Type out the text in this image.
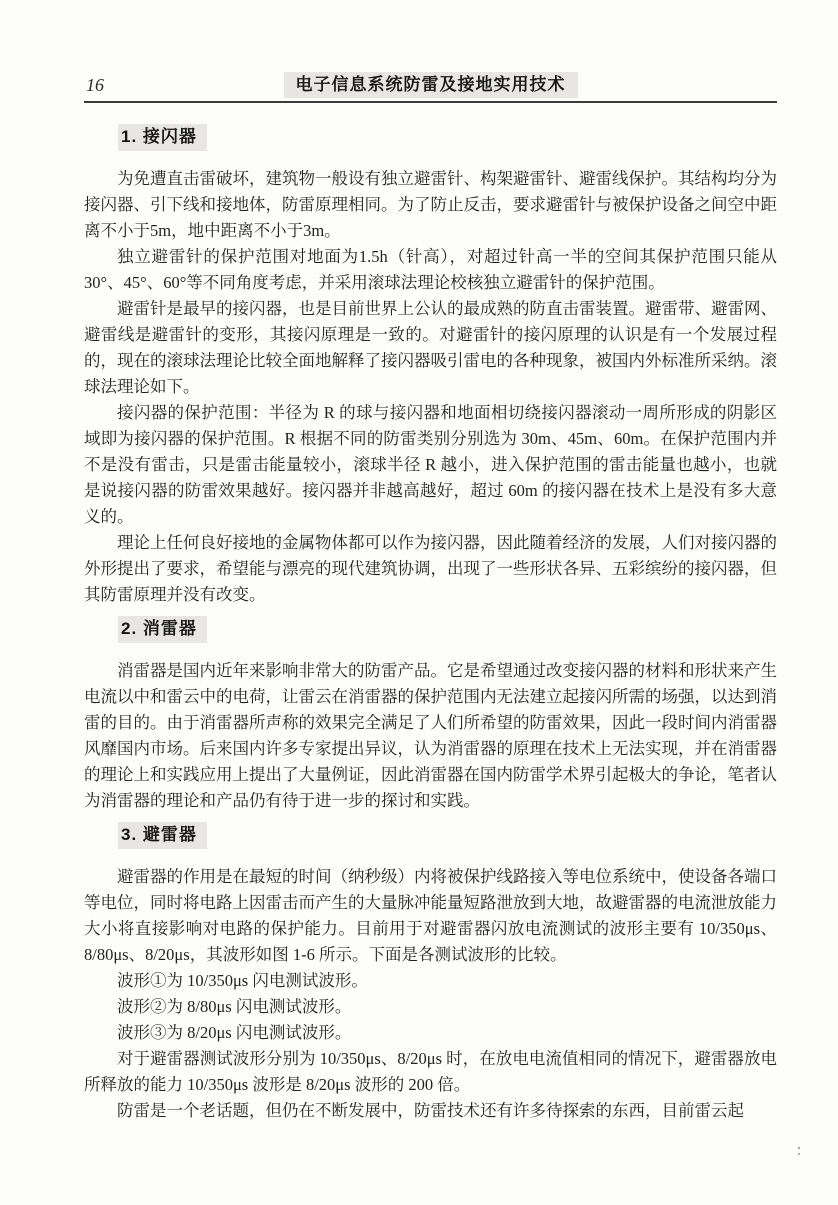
16	电子信息系统防雷及接地实用技术
1. 接闪器

为免遭直击雷破坏，建筑物一般设有独立避雷针、构架避雷针、避雷线保护。其结构均分为接闪器、引下线和接地体，防雷原理相同。为了防止反击，要求避雷针与被保护设备之间空中距离不小于5m，地中距离不小于3m。

独立避雷针的保护范围对地面为1.5h（针高），对超过针高一半的空间其保护范围只能从30°、45°、60°等不同角度考虑，并采用滚球法理论校核独立避雷针的保护范围。

避雷针是最早的接闪器，也是目前世界上公认的最成熟的防直击雷装置。避雷带、避雷网、避雷线是避雷针的变形，其接闪原理是一致的。对避雷针的接闪原理的认识是有一个发展过程的，现在的滚球法理论比较全面地解释了接闪器吸引雷电的各种现象，被国内外标准所采纳。滚球法理论如下。

接闪器的保护范围：半径为 R 的球与接闪器和地面相切绕接闪器滚动一周所形成的阴影区域即为接闪器的保护范围。R 根据不同的防雷类别分别选为 30m、45m、60m。在保护范围内并不是没有雷击，只是雷击能量较小，滚球半径 R 越小，进入保护范围的雷击能量也越小，也就是说接闪器的防雷效果越好。接闪器并非越高越好，超过 60m 的接闪器在技术上是没有多大意义的。

理论上任何良好接地的金属物体都可以作为接闪器，因此随着经济的发展，人们对接闪器的外形提出了要求，希望能与漂亮的现代建筑协调，出现了一些形状各异、五彩缤纷的接闪器，但其防雷原理并没有改变。

2. 消雷器

消雷器是国内近年来影响非常大的防雷产品。它是希望通过改变接闪器的材料和形状来产生电流以中和雷云中的电荷，让雷云在消雷器的保护范围内无法建立起接闪所需的场强，以达到消雷的目的。由于消雷器所声称的效果完全满足了人们所希望的防雷效果，因此一段时间内消雷器风靡国内市场。后来国内许多专家提出异议，认为消雷器的原理在技术上无法实现，并在消雷器的理论上和实践应用上提出了大量例证，因此消雷器在国内防雷学术界引起极大的争论，笔者认为消雷器的理论和产品仍有待于进一步的探讨和实践。

3. 避雷器

避雷器的作用是在最短的时间（纳秒级）内将被保护线路接入等电位系统中，使设备各端口等电位，同时将电路上因雷击而产生的大量脉冲能量短路泄放到大地，故避雷器的电流泄放能力大小将直接影响对电路的保护能力。目前用于对避雷器闪放电流测试的波形主要有 10/350μs、8/80μs、8/20μs，其波形如图 1-6 所示。下面是各测试波形的比较。

波形①为 10/350μs 闪电测试波形。

波形②为 8/80μs 闪电测试波形。

波形③为 8/20μs 闪电测试波形。

对于避雷器测试波形分别为 10/350μs、8/20μs 时，在放电电流值相同的情况下，避雷器放电所释放的能力 10/350μs 波形是 8/20μs 波形的 200 倍。

防雷是一个老话题，但仍在不断发展中，防雷技术还有许多待探索的东西，目前雷云起
